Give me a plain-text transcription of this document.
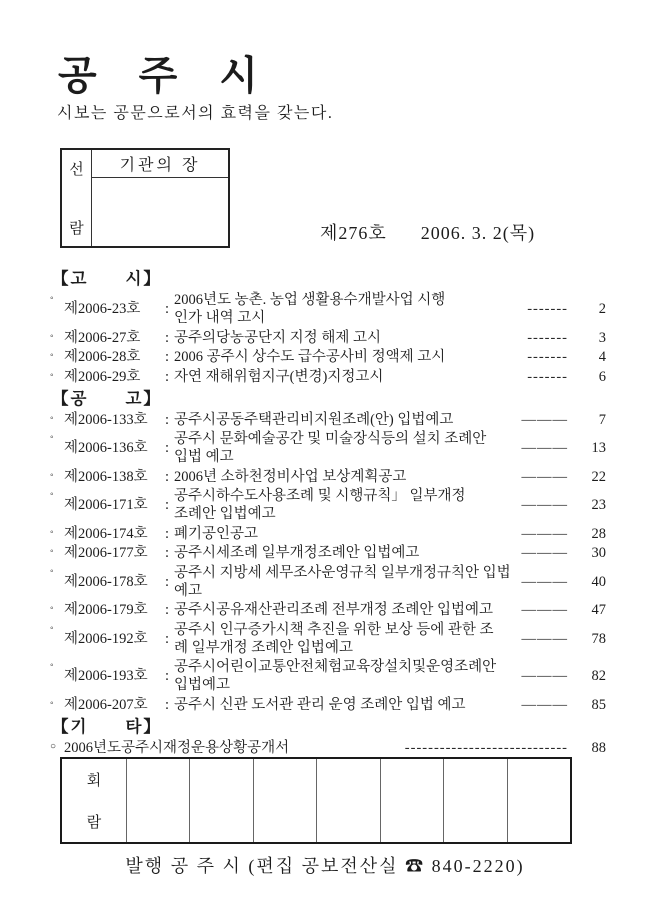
공 주 시
시보는 공문으로서의 효력을 갖는다.
선
람
기관의 장
제276호 2006. 3. 2(목)
【고　　시】
◦
제2006-23호	:
2006년도 농촌. 농업 생활용수개발사업 시행
인가 내역 고시
-------	2
◦ 제2006-27호	: 공주의당농공단지 지정 해제 고시	-------	3
◦ 제2006-28호	: 2006 공주시 상수도 급수공사비 정액제 고시	-------	4
◦ 제2006-29호	: 자연 재해위험지구(변경)지정고시	-------	6
【공　　고】
◦ 제2006-133호	: 공주시공동주택관리비지원조례(안) 입법예고	———	7
◦
제2006-136호	:
공주시 문화예술공간 및 미술장식등의 설치 조례안
입법 예고
———	13
◦ 제2006-138호	: 2006년 소하천정비사업 보상계획공고	———	22
◦
제2006-171호	:
공주시하수도사용조례 및 시행규칙」 일부개정
조례안 입법예고
———	23
◦ 제2006-174호	: 폐기공인공고	———	28
◦ 제2006-177호	: 공주시세조례 일부개정조례안 입법예고	———	30
◦
제2006-178호	:
공주시 지방세 세무조사운영규칙 일부개정규칙안 입법예고
———	40
◦ 제2006-179호	: 공주시공유재산관리조례 전부개정 조례안 입법예고	———	47
◦
제2006-192호	:
공주시 인구증가시책 추진을 위한 보상 등에 관한 조
례 일부개정 조례안 입법예고
———	78
◦
제2006-193호	:
공주시어린이교통안전체험교육장설치및운영조례안
입법예고
———	82
◦ 제2006-207호	: 공주시 신관 도서관 관리 운영 조례안 입법 예고	———	85
【기　　타】
○ 2006년도공주시재정운용상황공개서	----------------------------	88
회
람
발행 공 주 시 (편집 공보전산실 ☎ 840-2220)
